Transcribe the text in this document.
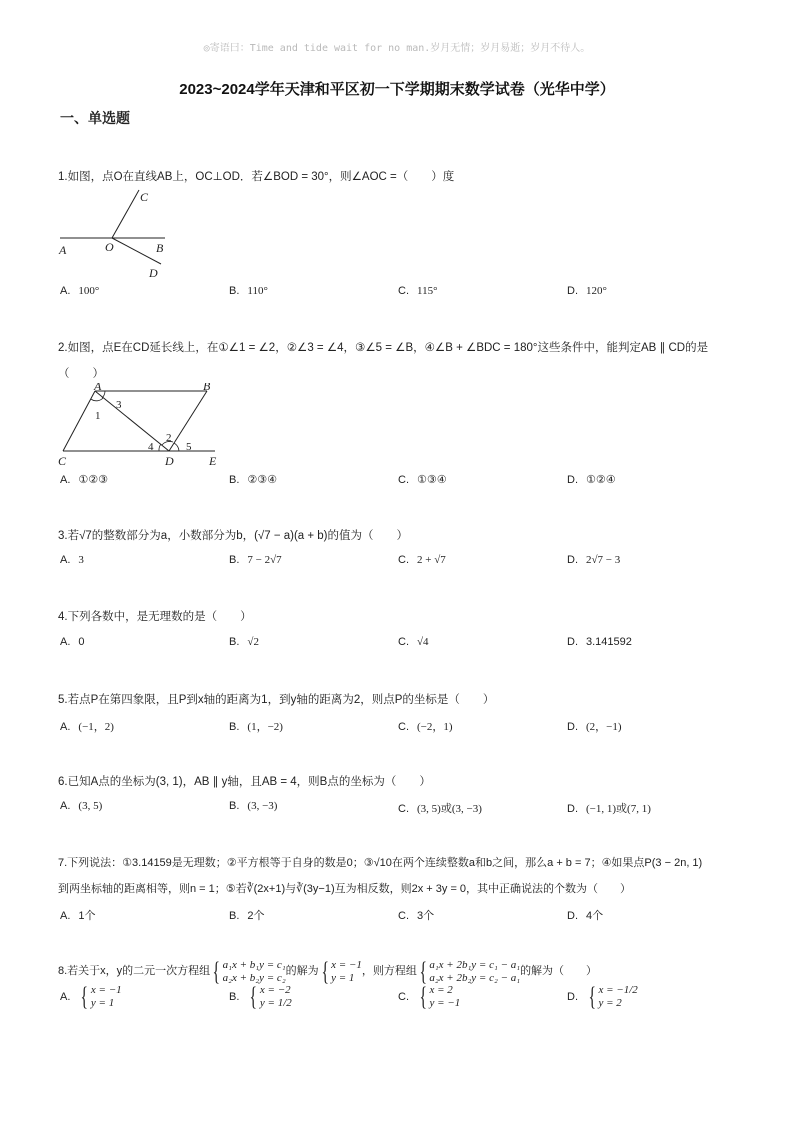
◎寄语曰：Time and tide wait for no man.岁月无情；岁月易逝；岁月不待人。
2023~2024学年天津和平区初一下学期期末数学试卷（光华中学）
一、单选题
1.如图，点O在直线AB上，OC⊥OD．若∠BOD = 30°，则∠AOC =（　　）度
C
A	O	B
D
A. 100°	B. 110°	C. 115°	D. 120°
2.如图，点E在CD延长线上，在①∠1 = ∠2，②∠3 = ∠4，③∠5 = ∠B，④∠B + ∠BDC = 180°这些条件中，能判定AB ∥ CD的是
（　　）
A	B
3
1
4
2
5
C	D	E
A. ①②③	B. ②③④	C. ①③④	D. ①②④
3.若√7的整数部分为a，小数部分为b，(√7 − a)(a + b)的值为（　　）
A. 3	B. 7 − 2√7	C. 2 + √7	D. 2√7 − 3
4.下列各数中，是无理数的是（　　）
A. 0	B. √2	C. √4	D. 3.141592
5.若点P在第四象限，且P到x轴的距离为1，到y轴的距离为2，则点P的坐标是（　　）
A. (−1，2)	B. (1，−2)	C. (−2，1)	D. (2，−1)
6.已知A点的坐标为(3, 1)，AB ∥ y轴，且AB = 4，则B点的坐标为（　　）
A. (3, 5)	B. (3, −3)	C. (3, 5)或(3, −3)	D. (−1, 1)或(7, 1)
7.下列说法：①3.14159是无理数；②平方根等于自身的数是0；③√10在两个连续整数a和b之间，那么a + b = 7；④如果点P(3 − 2n, 1)
到两坐标轴的距离相等，则n = 1；⑤若∛(2x+1)与∛(3y−1)互为相反数，则2x + 3y = 0，其中正确说法的个数为（　　）
A. 1个	B. 2个	C. 3个	D. 4个
8.若关于x，y的二元一次方程组{ a₁x + b₁y = c₁
a₂x + b₂y = c₂的解为{ x = −1
y = 1，则方程组{ a₁x + 2b₁y = c₁ − a₁
a₂x + 2b₂y = c₂ − a₁的解为（　　）
A. { x = −1
y = 1
B. { x = −2
y = 1/2
C. { x = 2
y = −1
D. { x = −1/2
y = 2
